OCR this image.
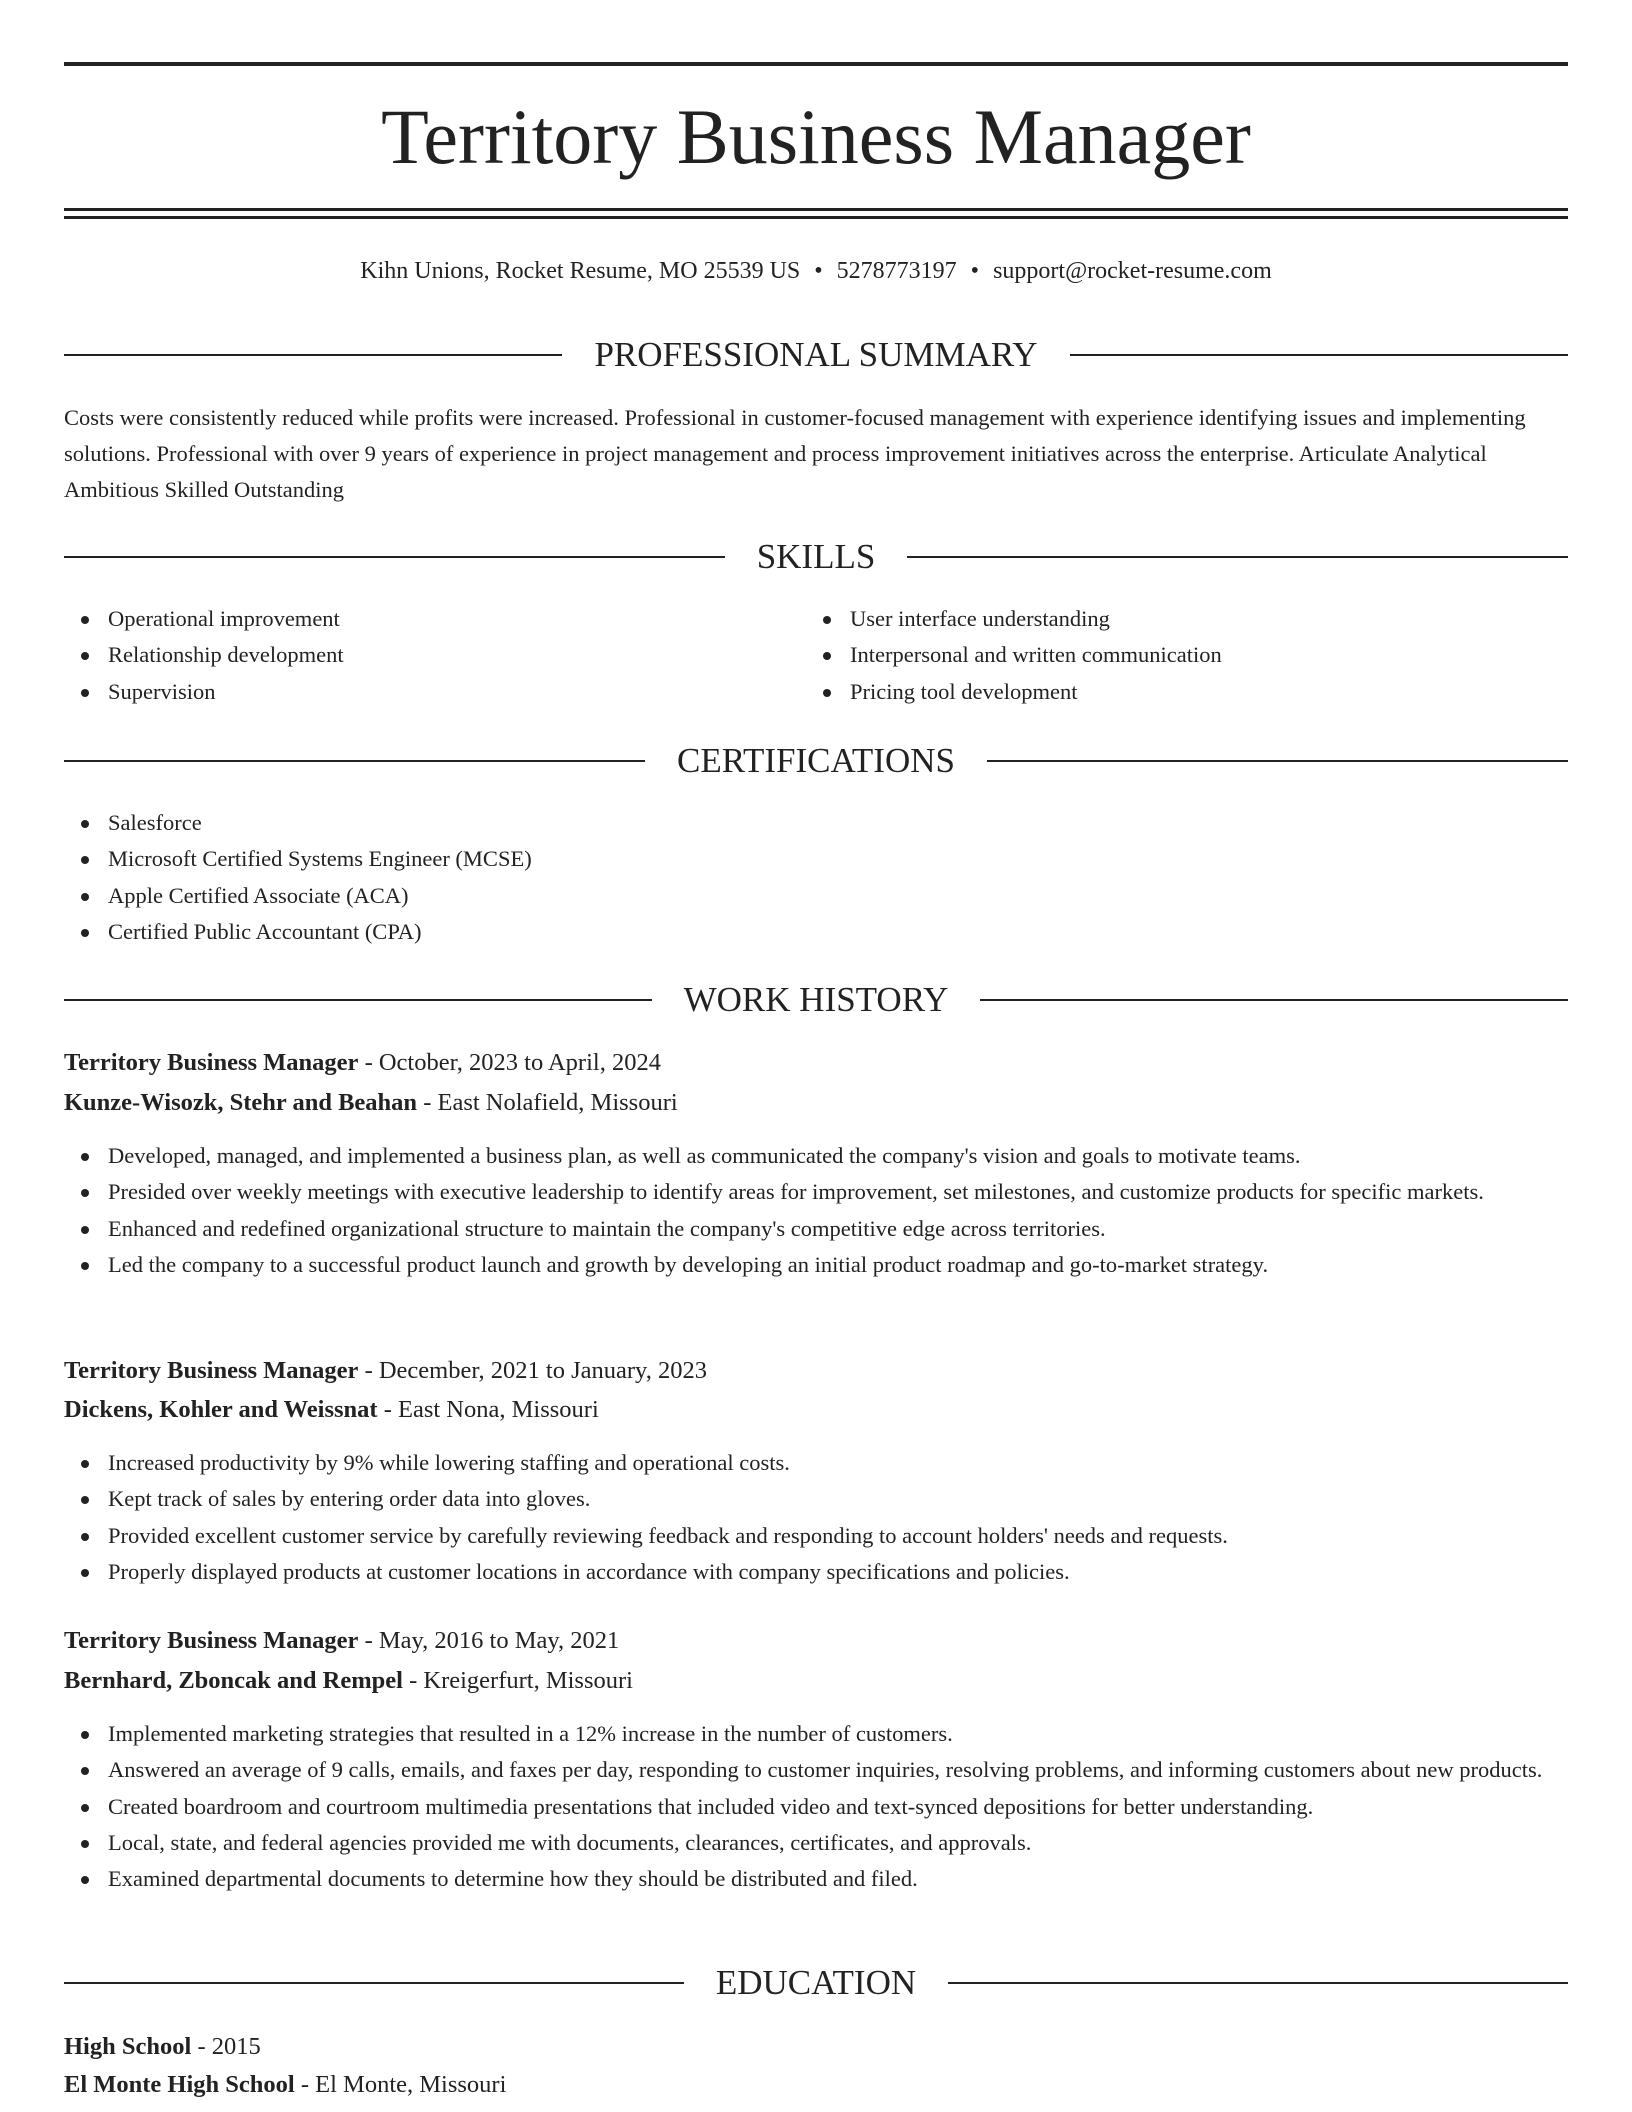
Territory Business Manager
Kihn Unions, Rocket Resume, MO 25539 US • 5278773197 • support@rocket-resume.com
PROFESSIONAL SUMMARY

Costs were consistently reduced while profits were increased. Professional in customer-focused management with experience identifying issues and implementing solutions. Professional with over 9 years of experience in project management and process improvement initiatives across the enterprise. Articulate Analytical Ambitious Skilled Outstanding

SKILLS
Operational improvement
Relationship development
Supervision
User interface understanding
Interpersonal and written communication
Pricing tool development
CERTIFICATIONS
Salesforce
Microsoft Certified Systems Engineer (MCSE)
Apple Certified Associate (ACA)
Certified Public Accountant (CPA)
WORK HISTORY
Territory Business Manager - October, 2023 to April, 2024
Kunze-Wisozk, Stehr and Beahan - East Nolafield, Missouri
Developed, managed, and implemented a business plan, as well as communicated the company's vision and goals to motivate teams.
Presided over weekly meetings with executive leadership to identify areas for improvement, set milestones, and customize products for specific markets.
Enhanced and redefined organizational structure to maintain the company's competitive edge across territories.
Led the company to a successful product launch and growth by developing an initial product roadmap and go-to-market strategy.
Territory Business Manager - December, 2021 to January, 2023
Dickens, Kohler and Weissnat - East Nona, Missouri
Increased productivity by 9% while lowering staffing and operational costs.
Kept track of sales by entering order data into gloves.
Provided excellent customer service by carefully reviewing feedback and responding to account holders' needs and requests.
Properly displayed products at customer locations in accordance with company specifications and policies.
Territory Business Manager - May, 2016 to May, 2021
Bernhard, Zboncak and Rempel - Kreigerfurt, Missouri
Implemented marketing strategies that resulted in a 12% increase in the number of customers.
Answered an average of 9 calls, emails, and faxes per day, responding to customer inquiries, resolving problems, and informing customers about new products.
Created boardroom and courtroom multimedia presentations that included video and text-synced depositions for better understanding.
Local, state, and federal agencies provided me with documents, clearances, certificates, and approvals.
Examined departmental documents to determine how they should be distributed and filed.
EDUCATION
High School - 2015
El Monte High School - El Monte, Missouri
